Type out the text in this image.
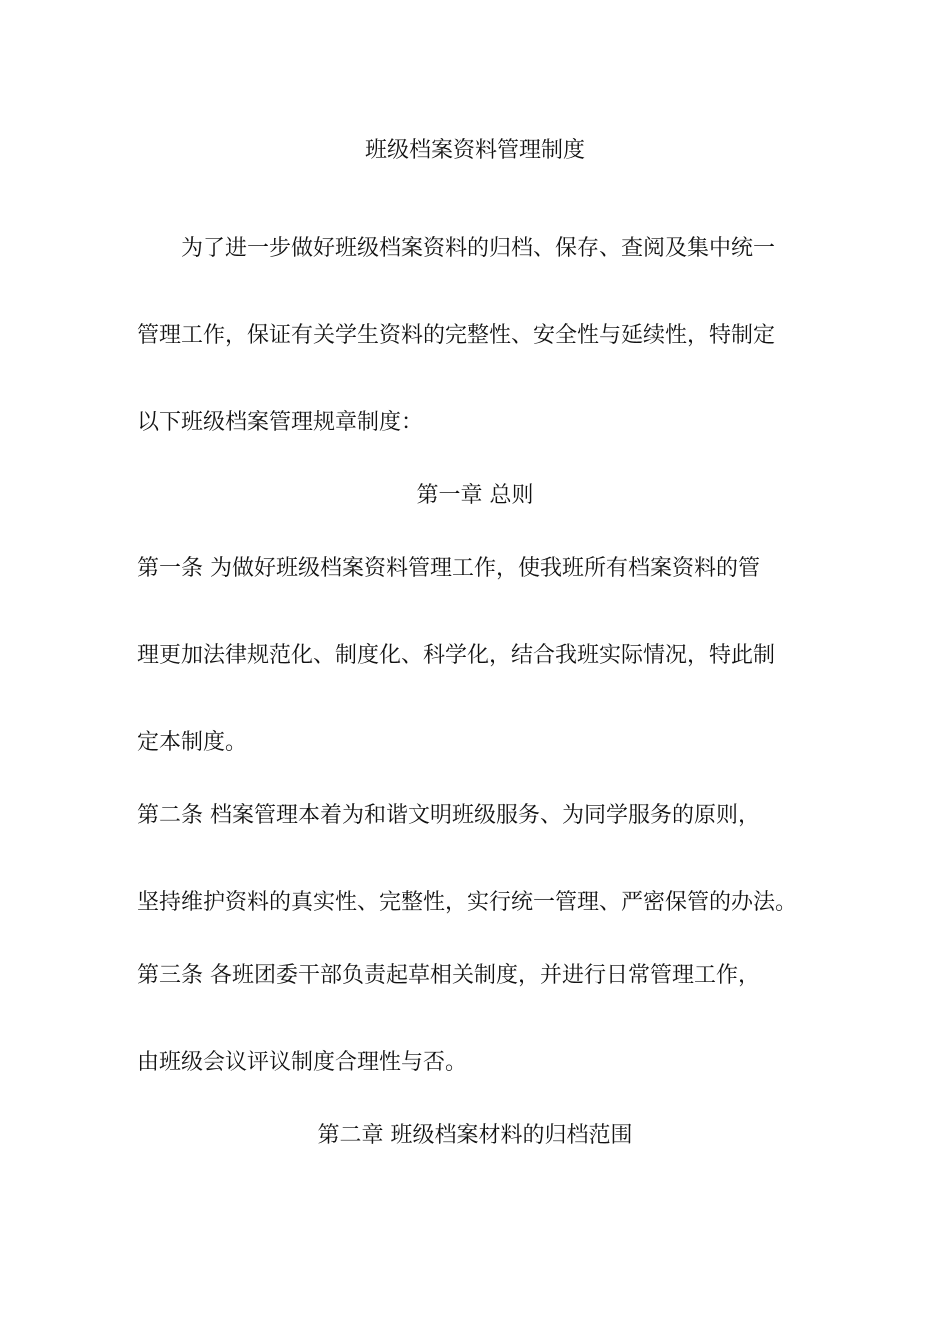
班级档案资料管理制度
为了进一步做好班级档案资料的归档、保存、查阅及集中统一
管理工作，保证有关学生资料的完整性、安全性与延续性，特制定
以下班级档案管理规章制度：
第一章 总则
第一条 为做好班级档案资料管理工作，使我班所有档案资料的管
理更加法律规范化、制度化、科学化，结合我班实际情况，特此制
定本制度。
第二条 档案管理本着为和谐文明班级服务、为同学服务的原则，
坚持维护资料的真实性、完整性，实行统一管理、严密保管的办法。
第三条 各班团委干部负责起草相关制度，并进行日常管理工作，
由班级会议评议制度合理性与否。
第二章 班级档案材料的归档范围
